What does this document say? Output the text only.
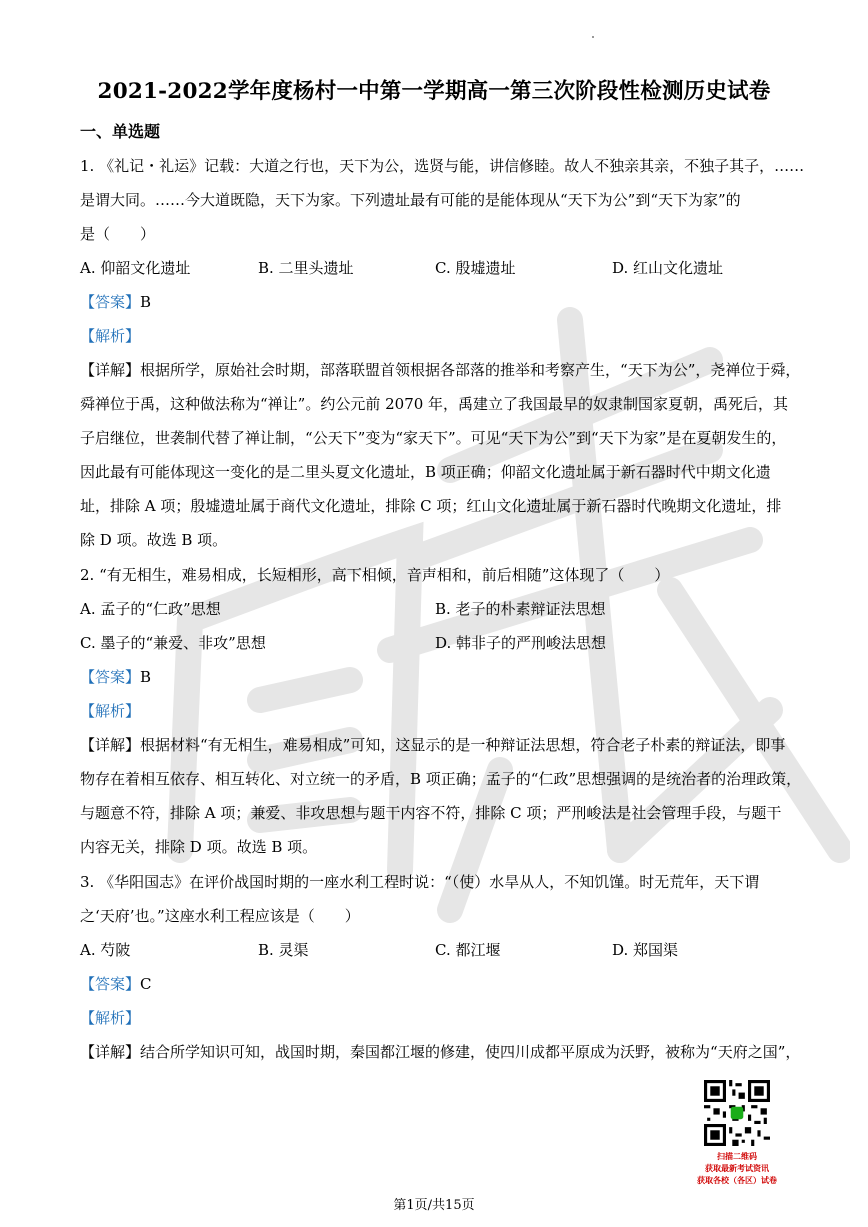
2021-2022学年度杨村一中第一学期高一第三次阶段性检测历史试卷
一、单选题
1. 《礼记・礼运》记载：大道之行也，天下为公，选贤与能，讲信修睦。故人不独亲其亲，不独子其子，……
是谓大同。……今大道既隐，天下为家。下列遗址最有可能的是能体现从“天下为公”到“天下为家”的
是（　　）
A. 仰韶文化遗址	B. 二里头遗址	C. 殷墟遗址	D. 红山文化遗址
【答案】B
【解析】
【详解】根据所学，原始社会时期，部落联盟首领根据各部落的推举和考察产生，“天下为公”，尧禅位于舜，
舜禅位于禹，这种做法称为“禅让”。约公元前 2070 年，禹建立了我国最早的奴隶制国家夏朝，禹死后，其
子启继位，世袭制代替了禅让制，“公天下”变为“家天下”。可见“天下为公”到“天下为家”是在夏朝发生的，
因此最有可能体现这一变化的是二里头夏文化遗址，B 项正确；仰韶文化遗址属于新石器时代中期文化遗
址，排除 A 项；殷墟遗址属于商代文化遗址，排除 C 项；红山文化遗址属于新石器时代晚期文化遗址，排
除 D 项。故选 B 项。
2. “有无相生，难易相成，长短相形，高下相倾，音声相和，前后相随”这体现了（　　）
A. 孟子的“仁政”思想	B. 老子的朴素辩证法思想
C. 墨子的“兼爱、非攻”思想	D. 韩非子的严刑峻法思想
【答案】B
【解析】
【详解】根据材料“有无相生，难易相成”可知，这显示的是一种辩证法思想，符合老子朴素的辩证法，即事
物存在着相互依存、相互转化、对立统一的矛盾，B 项正确；孟子的“仁政”思想强调的是统治者的治理政策，
与题意不符，排除 A 项；兼爱、非攻思想与题干内容不符，排除 C 项；严刑峻法是社会管理手段，与题干
内容无关，排除 D 项。故选 B 项。
3. 《华阳国志》在评价战国时期的一座水利工程时说：“（使）水旱从人，不知饥馑。时无荒年，天下谓
之‘天府’也。”这座水利工程应该是（　　）
A. 芍陂	B. 灵渠	C. 都江堰	D. 郑国渠
【答案】C
【解析】
【详解】结合所学知识可知，战国时期，秦国都江堰的修建，使四川成都平原成为沃野，被称为“天府之国”，
扫描二维码
获取最新考试资讯
获取各校（各区）试卷
第1页/共15页
